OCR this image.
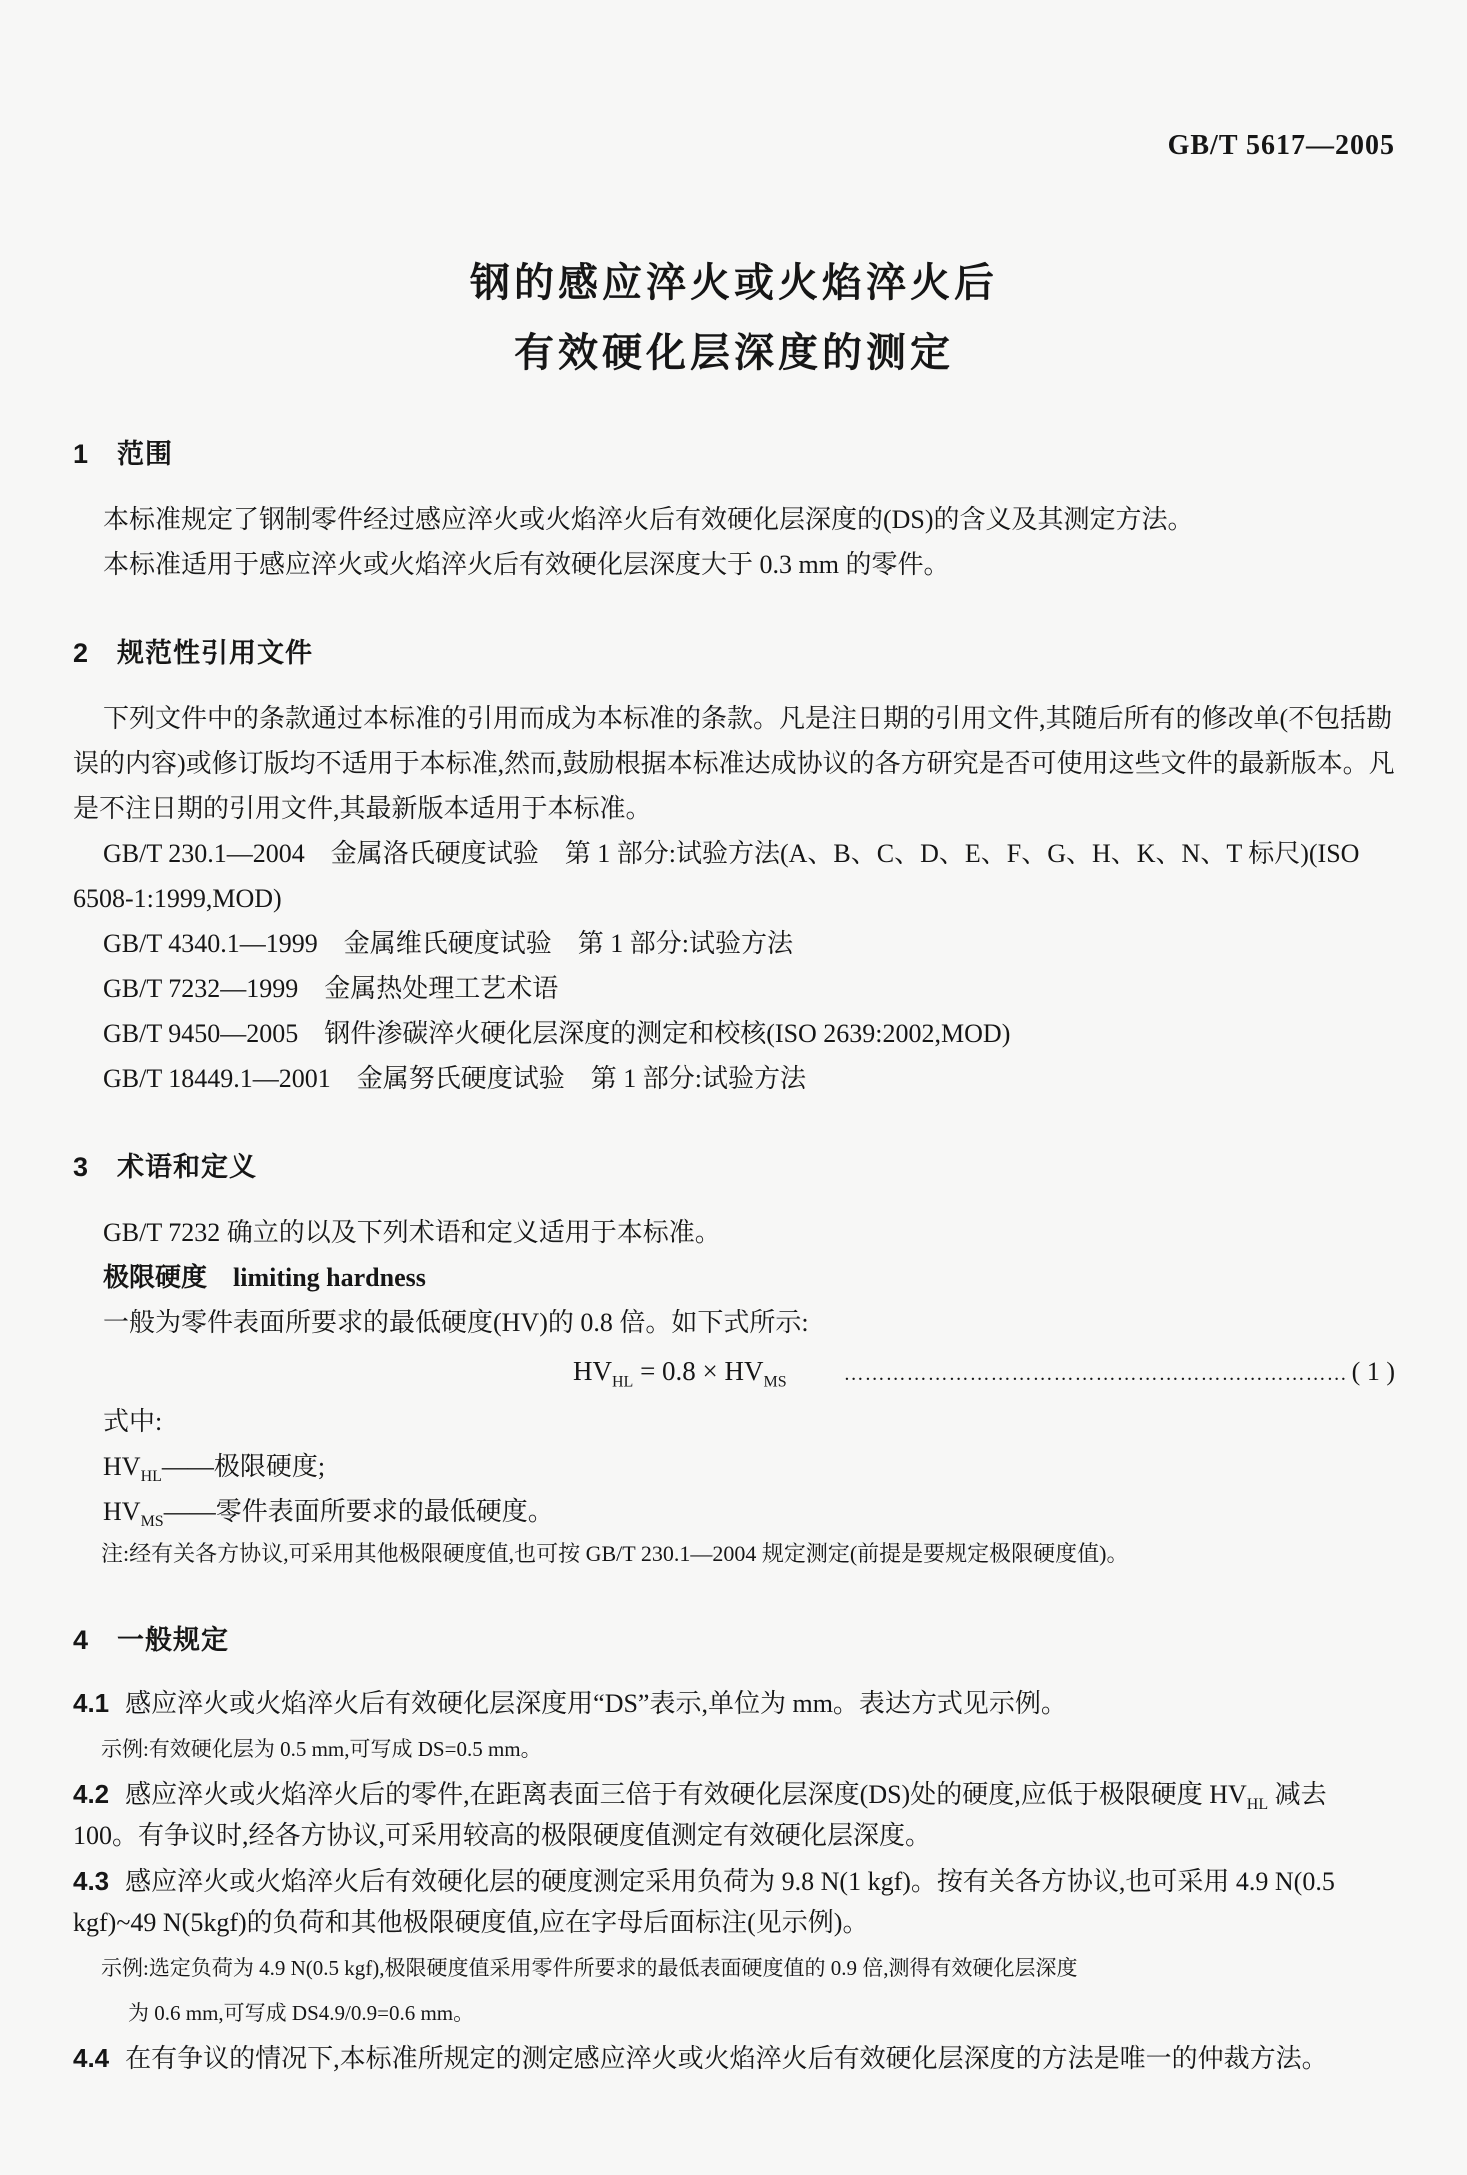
GB/T 5617—2005
钢的感应淬火或火焰淬火后
有效硬化层深度的测定
1 范围

本标准规定了钢制零件经过感应淬火或火焰淬火后有效硬化层深度的(DS)的含义及其测定方法。

本标准适用于感应淬火或火焰淬火后有效硬化层深度大于 0.3 mm 的零件。

2 规范性引用文件

下列文件中的条款通过本标准的引用而成为本标准的条款。凡是注日期的引用文件,其随后所有的修改单(不包括勘误的内容)或修订版均不适用于本标准,然而,鼓励根据本标准达成协议的各方研究是否可使用这些文件的最新版本。凡是不注日期的引用文件,其最新版本适用于本标准。

GB/T 230.1—2004　金属洛氏硬度试验　第 1 部分:试验方法(A、B、C、D、E、F、G、H、K、N、T 标尺)(ISO 6508-1:1999,MOD)

GB/T 4340.1—1999　金属维氏硬度试验　第 1 部分:试验方法

GB/T 7232—1999　金属热处理工艺术语

GB/T 9450—2005　钢件渗碳淬火硬化层深度的测定和校核(ISO 2639:2002,MOD)

GB/T 18449.1—2001　金属努氏硬度试验　第 1 部分:试验方法

3 术语和定义

GB/T 7232 确立的以及下列术语和定义适用于本标准。

极限硬度 limiting hardness

一般为零件表面所要求的最低硬度(HV)的 0.8 倍。如下式所示:

$HV_{HL} = 0.8 \times HV_{MS}$	……………………………………………………………… ( 1 )

式中:

$HV_{HL}——$极限硬度;

$HV_{MS}——$零件表面所要求的最低硬度。

注:经有关各方协议,可采用其他极限硬度值,也可按 GB/T 230.1—2004 规定测定(前提是要规定极限硬度值)。

4 一般规定

4.1 感应淬火或火焰淬火后有效硬化层深度用“DS”表示,单位为 mm。表达方式见示例。

示例:有效硬化层为 0.5 mm,可写成 DS=0.5 mm。

4.2 感应淬火或火焰淬火后的零件,在距离表面三倍于有效硬化层深度(DS)处的硬度,应低于极限硬度 $HV_{HL}$ 减去 100。有争议时,经各方协议,可采用较高的极限硬度值测定有效硬化层深度。

4.3 感应淬火或火焰淬火后有效硬化层的硬度测定采用负荷为 9.8 N(1 kgf)。按有关各方协议,也可采用 4.9 N(0.5 kgf)~49 N(5kgf)的负荷和其他极限硬度值,应在字母后面标注(见示例)。

示例:选定负荷为 4.9 N(0.5 kgf),极限硬度值采用零件所要求的最低表面硬度值的 0.9 倍,测得有效硬化层深度

为 0.6 mm,可写成 DS4.9/0.9=0.6 mm。

4.4 在有争议的情况下,本标准所规定的测定感应淬火或火焰淬火后有效硬化层深度的方法是唯一的仲裁方法。
